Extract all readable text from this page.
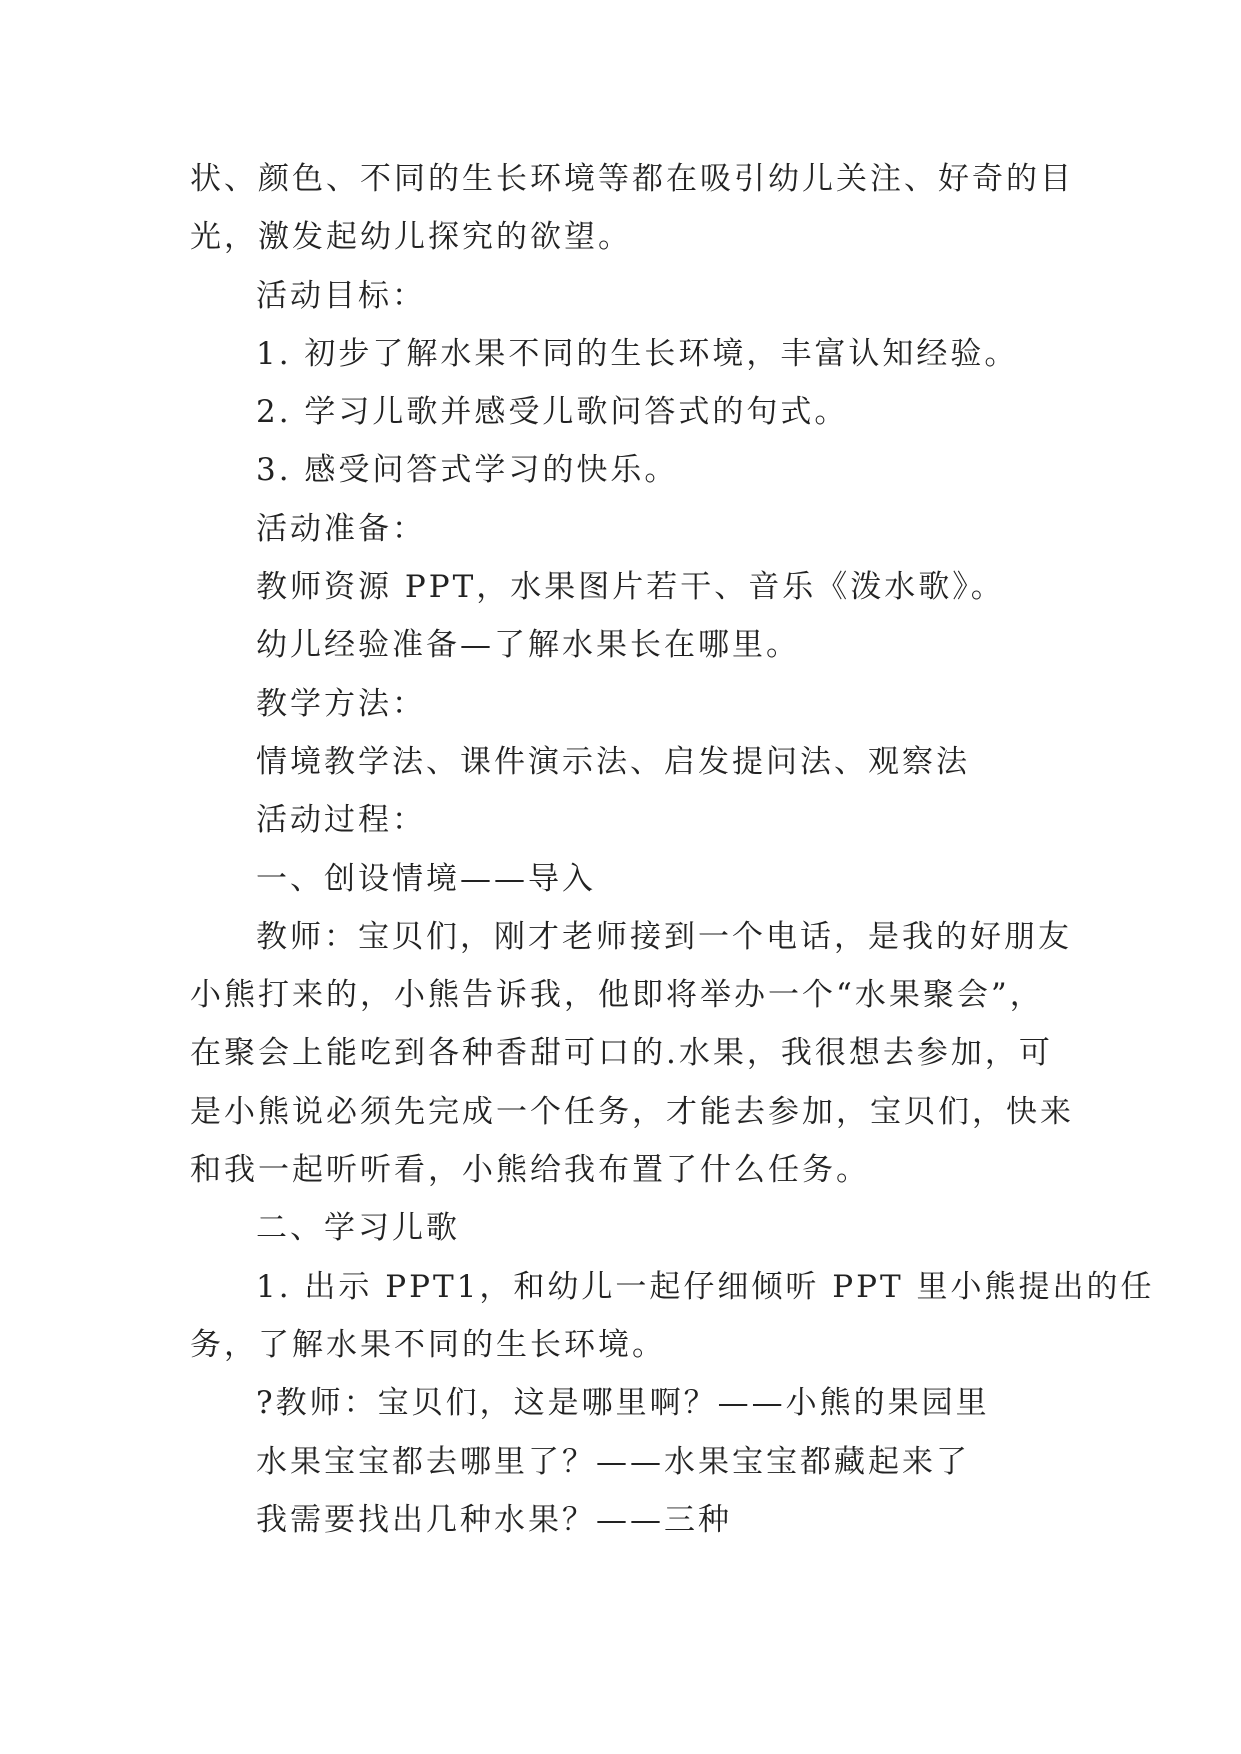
状、颜色、不同的生长环境等都在吸引幼儿关注、好奇的目
光，激发起幼儿探究的欲望。
活动目标：
1. 初步了解水果不同的生长环境，丰富认知经验。
2. 学习儿歌并感受儿歌问答式的句式。
3. 感受问答式学习的快乐。
活动准备：
教师资源 PPT，水果图片若干、音乐《泼水歌》。
幼儿经验准备—了解水果长在哪里。
教学方法：
情境教学法、课件演示法、启发提问法、观察法
活动过程：
一、创设情境——导入
教师：宝贝们，刚才老师接到一个电话，是我的好朋友
小熊打来的，小熊告诉我，他即将举办一个“水果聚会”，
在聚会上能吃到各种香甜可口的.水果，我很想去参加，可
是小熊说必须先完成一个任务，才能去参加，宝贝们，快来
和我一起听听看，小熊给我布置了什么任务。
二、学习儿歌
1. 出示 PPT1，和幼儿一起仔细倾听 PPT 里小熊提出的任
务，了解水果不同的生长环境。
?教师：宝贝们，这是哪里啊？——小熊的果园里
水果宝宝都去哪里了？——水果宝宝都藏起来了
我需要找出几种水果？——三种
